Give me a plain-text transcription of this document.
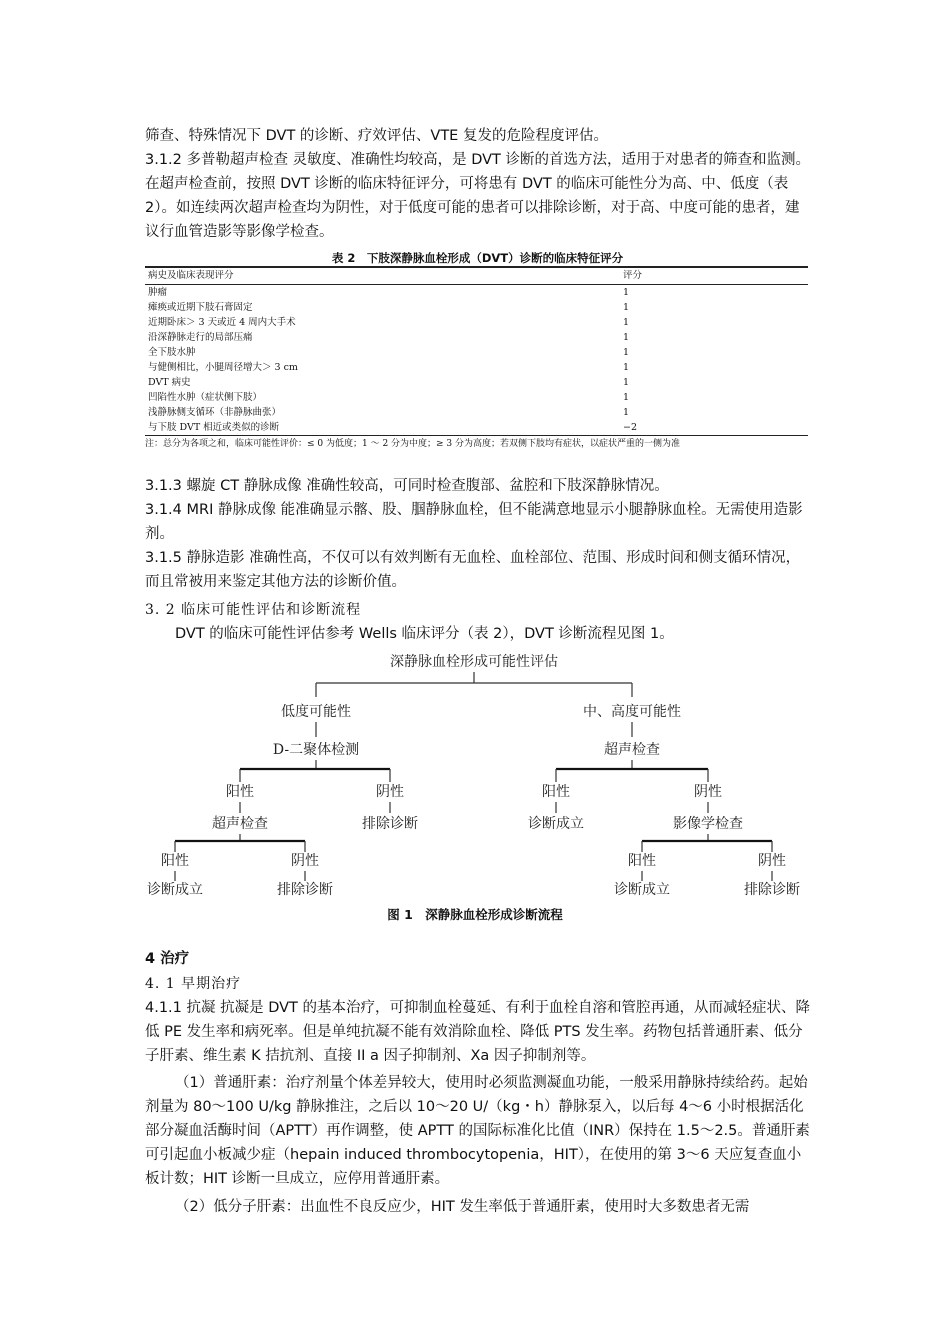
筛查、特殊情况下 DVT 的诊断、疗效评估、VTE 复发的危险程度评估。

3.1.2 多普勒超声检查 灵敏度、准确性均较高，是 DVT 诊断的首选方法，适用于对患者的筛查和监测。在超声检查前，按照 DVT 诊断的临床特征评分，可将患有 DVT 的临床可能性分为高、中、低度（表 2）。如连续两次超声检查均为阴性，对于低度可能的患者可以排除诊断，对于高、中度可能的患者，建议行血管造影等影像学检查。

表 2　下肢深静脉血栓形成（DVT）诊断的临床特征评分
病史及临床表现评分	评分
肿瘤	1
瘫痪或近期下肢石膏固定	1
近期卧床＞ 3 天或近 4 周内大手术	1
沿深静脉走行的局部压痛	1
全下肢水肿	1
与健侧相比，小腿周径增大＞ 3 cm	1
DVT 病史	1
凹陷性水肿（症状侧下肢）	1
浅静脉侧支循环（非静脉曲张）	1
与下肢 DVT 相近或类似的诊断	−2
注：总分为各项之和，临床可能性评价：≤ 0 为低度；1 ～ 2 分为中度；≥ 3 分为高度；若双侧下肢均有症状，以症状严重的一侧为准

3.1.3 螺旋 CT 静脉成像 准确性较高，可同时检查腹部、盆腔和下肢深静脉情况。

3.1.4 MRI 静脉成像 能准确显示髂、股、腘静脉血栓，但不能满意地显示小腿静脉血栓。无需使用造影剂。

3.1.5 静脉造影 准确性高，不仅可以有效判断有无血栓、血栓部位、范围、形成时间和侧支循环情况，而且常被用来鉴定其他方法的诊断价值。

3. 2 临床可能性评估和诊断流程

DVT 的临床可能性评估参考 Wells 临床评分（表 2），DVT 诊断流程见图 1。

深静脉血栓形成可能性评估
低度可能性	中、高度可能性
D-二聚体检测	超声检查
阳性	阴性
超声检查	排除诊断
阳性	阴性
诊断成立	排除诊断
阳性	阴性
诊断成立	影像学检查
阳性	阴性
诊断成立	排除诊断
图 1　深静脉血栓形成诊断流程
4 治疗
4. 1 早期治疗

4.1.1 抗凝 抗凝是 DVT 的基本治疗，可抑制血栓蔓延、有利于血栓自溶和管腔再通，从而减轻症状、降低 PE 发生率和病死率。但是单纯抗凝不能有效消除血栓、降低 PTS 发生率。药物包括普通肝素、低分子肝素、维生素 K 拮抗剂、直接 II a 因子抑制剂、Xa 因子抑制剂等。

（1）普通肝素：治疗剂量个体差异较大，使用时必须监测凝血功能，一般采用静脉持续给药。起始剂量为 80～100 U/kg 静脉推注，之后以 10～20 U/（kg・h）静脉泵入，以后每 4～6 小时根据活化部分凝血活酶时间（APTT）再作调整，使 APTT 的国际标准化比值（INR）保持在 1.5～2.5。普通肝素可引起血小板减少症（hepain induced thrombocytopenia，HIT），在使用的第 3～6 天应复查血小板计数；HIT 诊断一旦成立，应停用普通肝素。

（2）低分子肝素：出血性不良反应少，HIT 发生率低于普通肝素，使用时大多数患者无需
